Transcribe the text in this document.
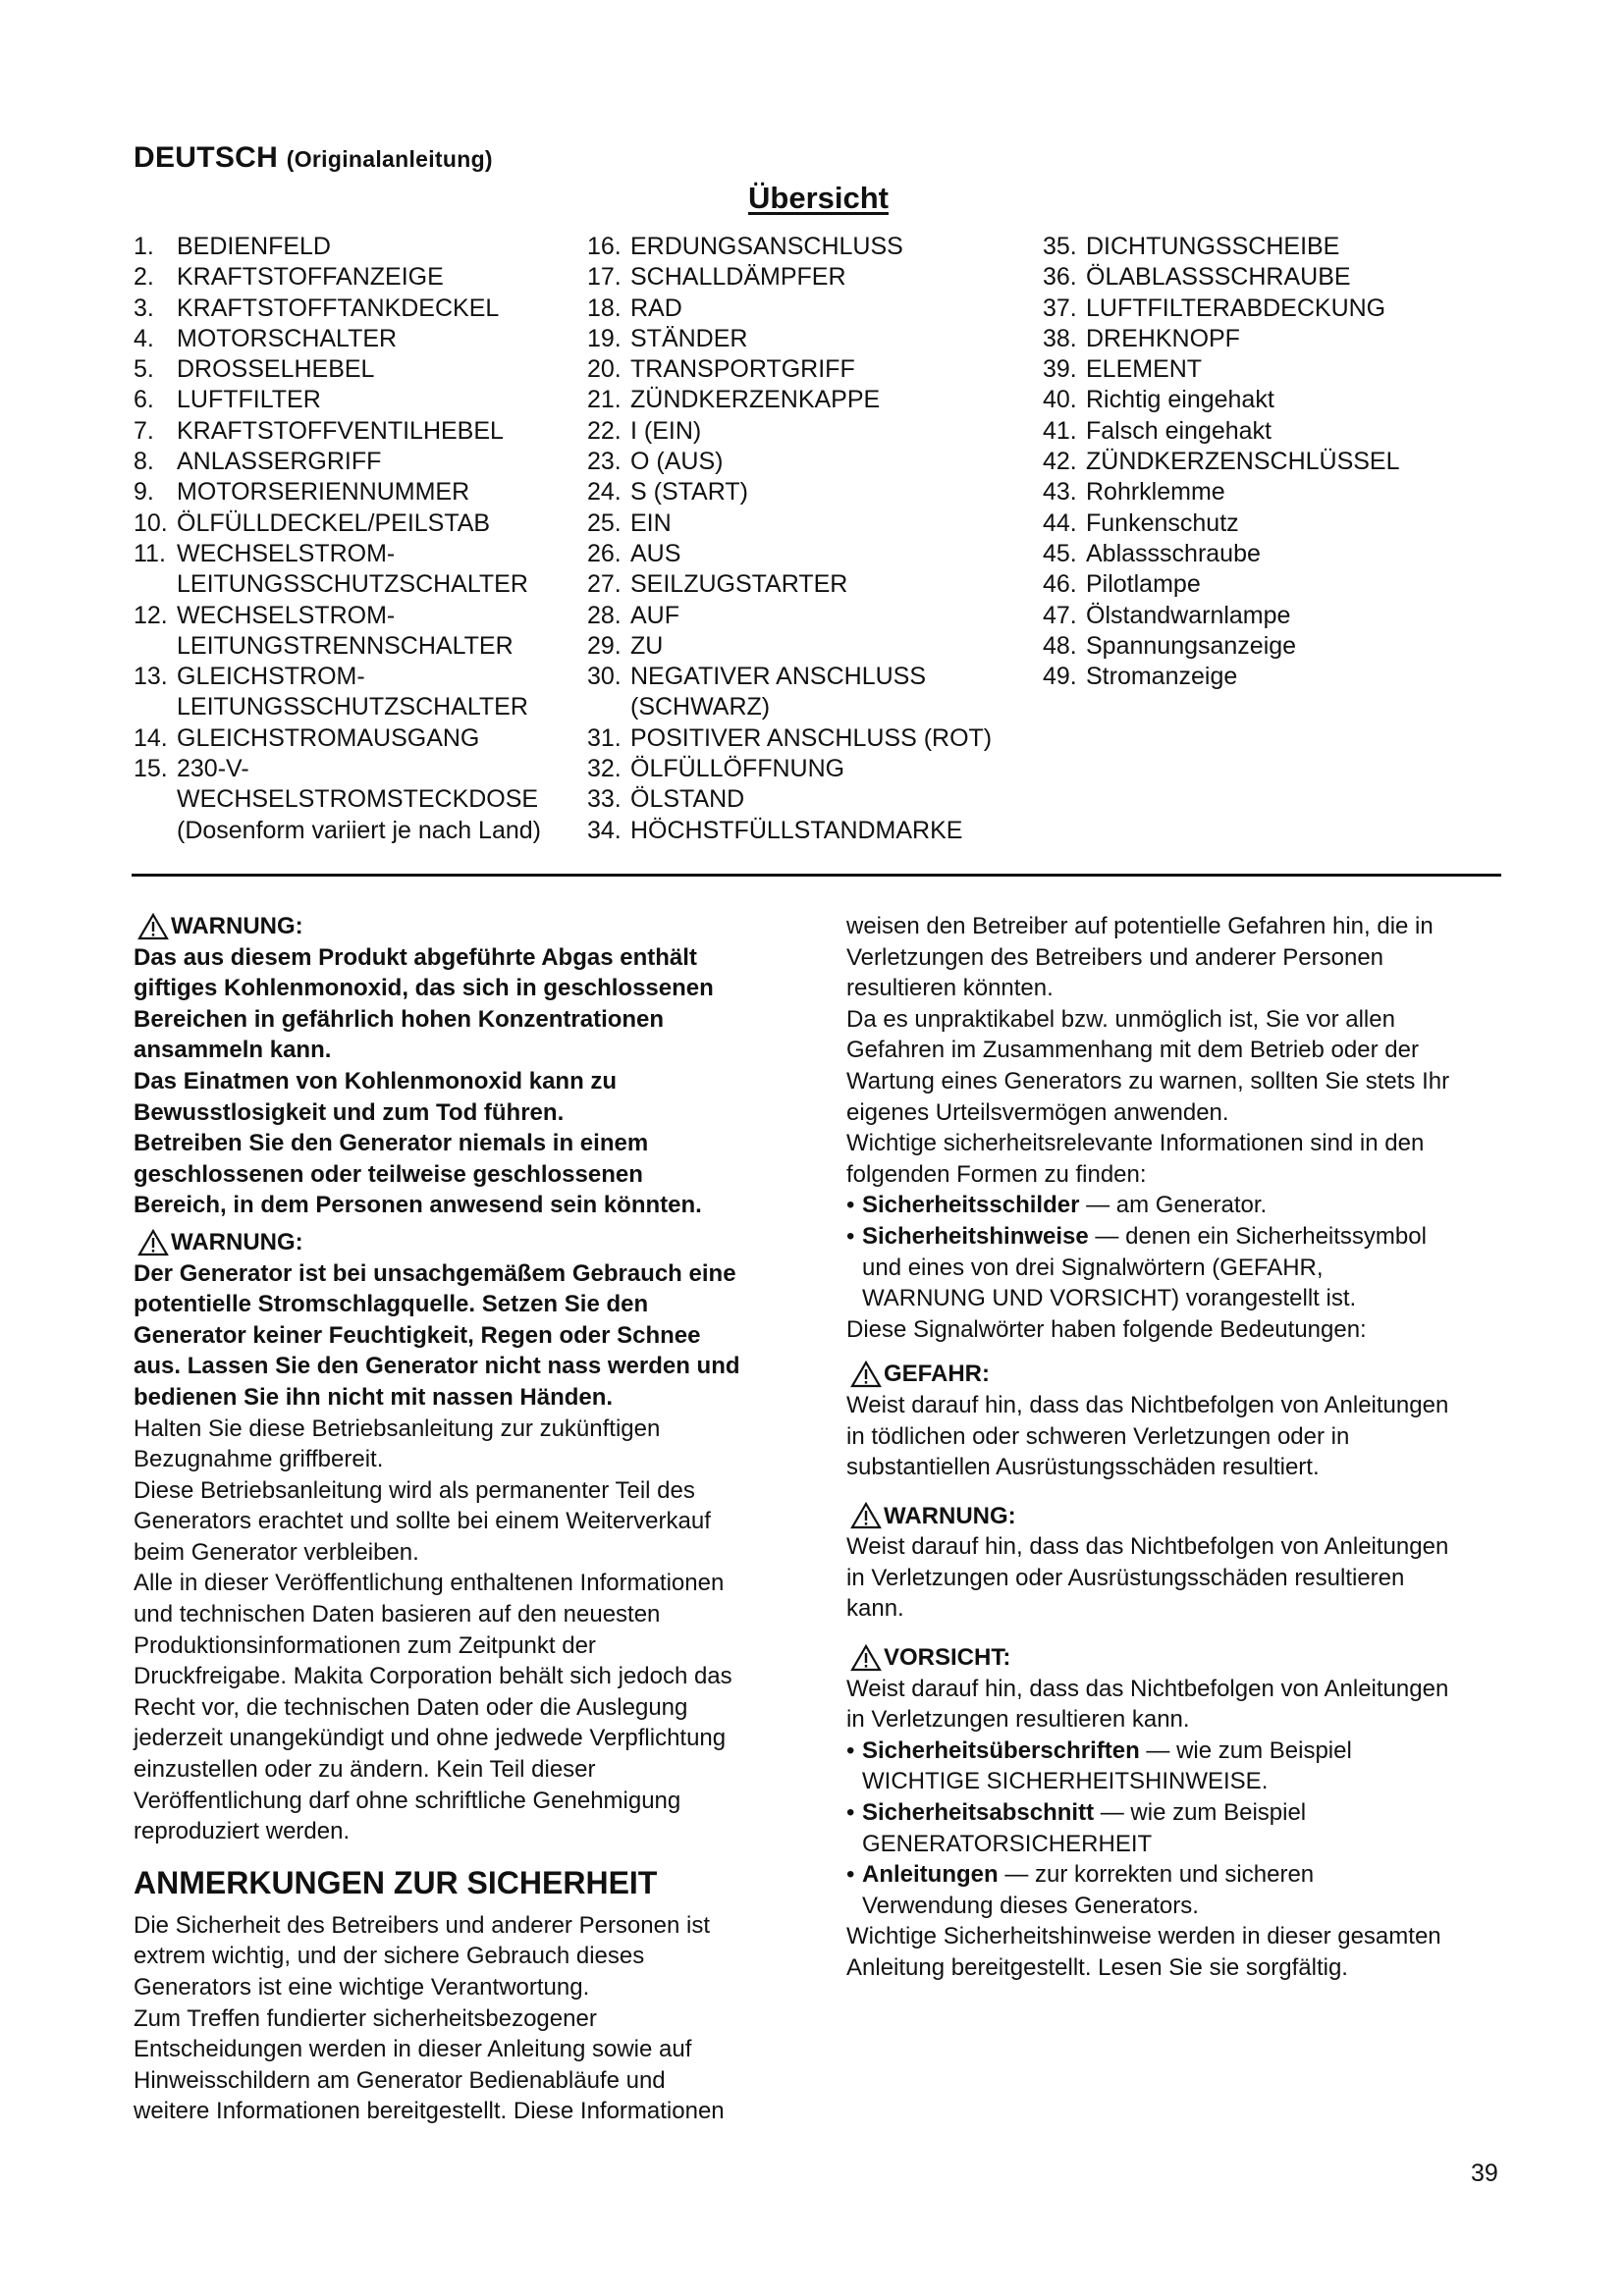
DEUTSCH (Originalanleitung)
Übersicht
1. BEDIENFELD
2. KRAFTSTOFFANZEIGE
3. KRAFTSTOFFTANKDECKEL
4. MOTORSCHALTER
5. DROSSELHEBEL
6. LUFTFILTER
7. KRAFTSTOFFVENTILHEBEL
8. ANLASSERGRIFF
9. MOTORSERIENNUMMER
10. ÖLFÜLLDECKEL/PEILSTAB
11. WECHSELSTROM-
LEITUNGSSCHUTZSCHALTER
12. WECHSELSTROM-
LEITUNGSTRENNSCHALTER
13. GLEICHSTROM-
LEITUNGSSCHUTZSCHALTER
14. GLEICHSTROMAUSGANG
15. 230-V-
WECHSELSTROMSTECKDOSE
(Dosenform variiert je nach Land)
16. ERDUNGSANSCHLUSS
17. SCHALLDÄMPFER
18. RAD
19. STÄNDER
20. TRANSPORTGRIFF
21. ZÜNDKERZENKAPPE
22. I (EIN)
23. O (AUS)
24. S (START)
25. EIN
26. AUS
27. SEILZUGSTARTER
28. AUF
29. ZU
30. NEGATIVER ANSCHLUSS
(SCHWARZ)
31. POSITIVER ANSCHLUSS (ROT)
32. ÖLFÜLLÖFFNUNG
33. ÖLSTAND
34. HÖCHSTFÜLLSTANDMARKE
35. DICHTUNGSSCHEIBE
36. ÖLABLASSSCHRAUBE
37. LUFTFILTERABDECKUNG
38. DREHKNOPF
39. ELEMENT
40. Richtig eingehakt
41. Falsch eingehakt
42. ZÜNDKERZENSCHLÜSSEL
43. Rohrklemme
44. Funkenschutz
45. Ablassschraube
46. Pilotlampe
47. Ölstandwarnlampe
48. Spannungsanzeige
49. Stromanzeige
WARNUNG:
Das aus diesem Produkt abgeführte Abgas enthält
giftiges Kohlenmonoxid, das sich in geschlossenen
Bereichen in gefährlich hohen Konzentrationen
ansammeln kann.
Das Einatmen von Kohlenmonoxid kann zu
Bewusstlosigkeit und zum Tod führen.
Betreiben Sie den Generator niemals in einem
geschlossenen oder teilweise geschlossenen
Bereich, in dem Personen anwesend sein könnten.
WARNUNG:
Der Generator ist bei unsachgemäßem Gebrauch eine
potentielle Stromschlagquelle. Setzen Sie den
Generator keiner Feuchtigkeit, Regen oder Schnee
aus. Lassen Sie den Generator nicht nass werden und
bedienen Sie ihn nicht mit nassen Händen.
Halten Sie diese Betriebsanleitung zur zukünftigen
Bezugnahme griffbereit.
Diese Betriebsanleitung wird als permanenter Teil des
Generators erachtet und sollte bei einem Weiterverkauf
beim Generator verbleiben.
Alle in dieser Veröffentlichung enthaltenen Informationen
und technischen Daten basieren auf den neuesten
Produktionsinformationen zum Zeitpunkt der
Druckfreigabe. Makita Corporation behält sich jedoch das
Recht vor, die technischen Daten oder die Auslegung
jederzeit unangekündigt und ohne jedwede Verpflichtung
einzustellen oder zu ändern. Kein Teil dieser
Veröffentlichung darf ohne schriftliche Genehmigung
reproduziert werden.
ANMERKUNGEN ZUR SICHERHEIT
Die Sicherheit des Betreibers und anderer Personen ist
extrem wichtig, und der sichere Gebrauch dieses
Generators ist eine wichtige Verantwortung.
Zum Treffen fundierter sicherheitsbezogener
Entscheidungen werden in dieser Anleitung sowie auf
Hinweisschildern am Generator Bedienabläufe und
weitere Informationen bereitgestellt. Diese Informationen
weisen den Betreiber auf potentielle Gefahren hin, die in
Verletzungen des Betreibers und anderer Personen
resultieren könnten.
Da es unpraktikabel bzw. unmöglich ist, Sie vor allen
Gefahren im Zusammenhang mit dem Betrieb oder der
Wartung eines Generators zu warnen, sollten Sie stets Ihr
eigenes Urteilsvermögen anwenden.
Wichtige sicherheitsrelevante Informationen sind in den
folgenden Formen zu finden:
• Sicherheitsschilder — am Generator.
• Sicherheitshinweise — denen ein Sicherheitssymbol
und eines von drei Signalwörtern (GEFAHR,
WARNUNG UND VORSICHT) vorangestellt ist.
Diese Signalwörter haben folgende Bedeutungen:
GEFAHR:
Weist darauf hin, dass das Nichtbefolgen von Anleitungen
in tödlichen oder schweren Verletzungen oder in
substantiellen Ausrüstungsschäden resultiert.
WARNUNG:
Weist darauf hin, dass das Nichtbefolgen von Anleitungen
in Verletzungen oder Ausrüstungsschäden resultieren
kann.
VORSICHT:
Weist darauf hin, dass das Nichtbefolgen von Anleitungen
in Verletzungen resultieren kann.
• Sicherheitsüberschriften — wie zum Beispiel
WICHTIGE SICHERHEITSHINWEISE.
• Sicherheitsabschnitt — wie zum Beispiel
GENERATORSICHERHEIT
• Anleitungen — zur korrekten und sicheren
Verwendung dieses Generators.
Wichtige Sicherheitshinweise werden in dieser gesamten
Anleitung bereitgestellt. Lesen Sie sie sorgfältig.
39
